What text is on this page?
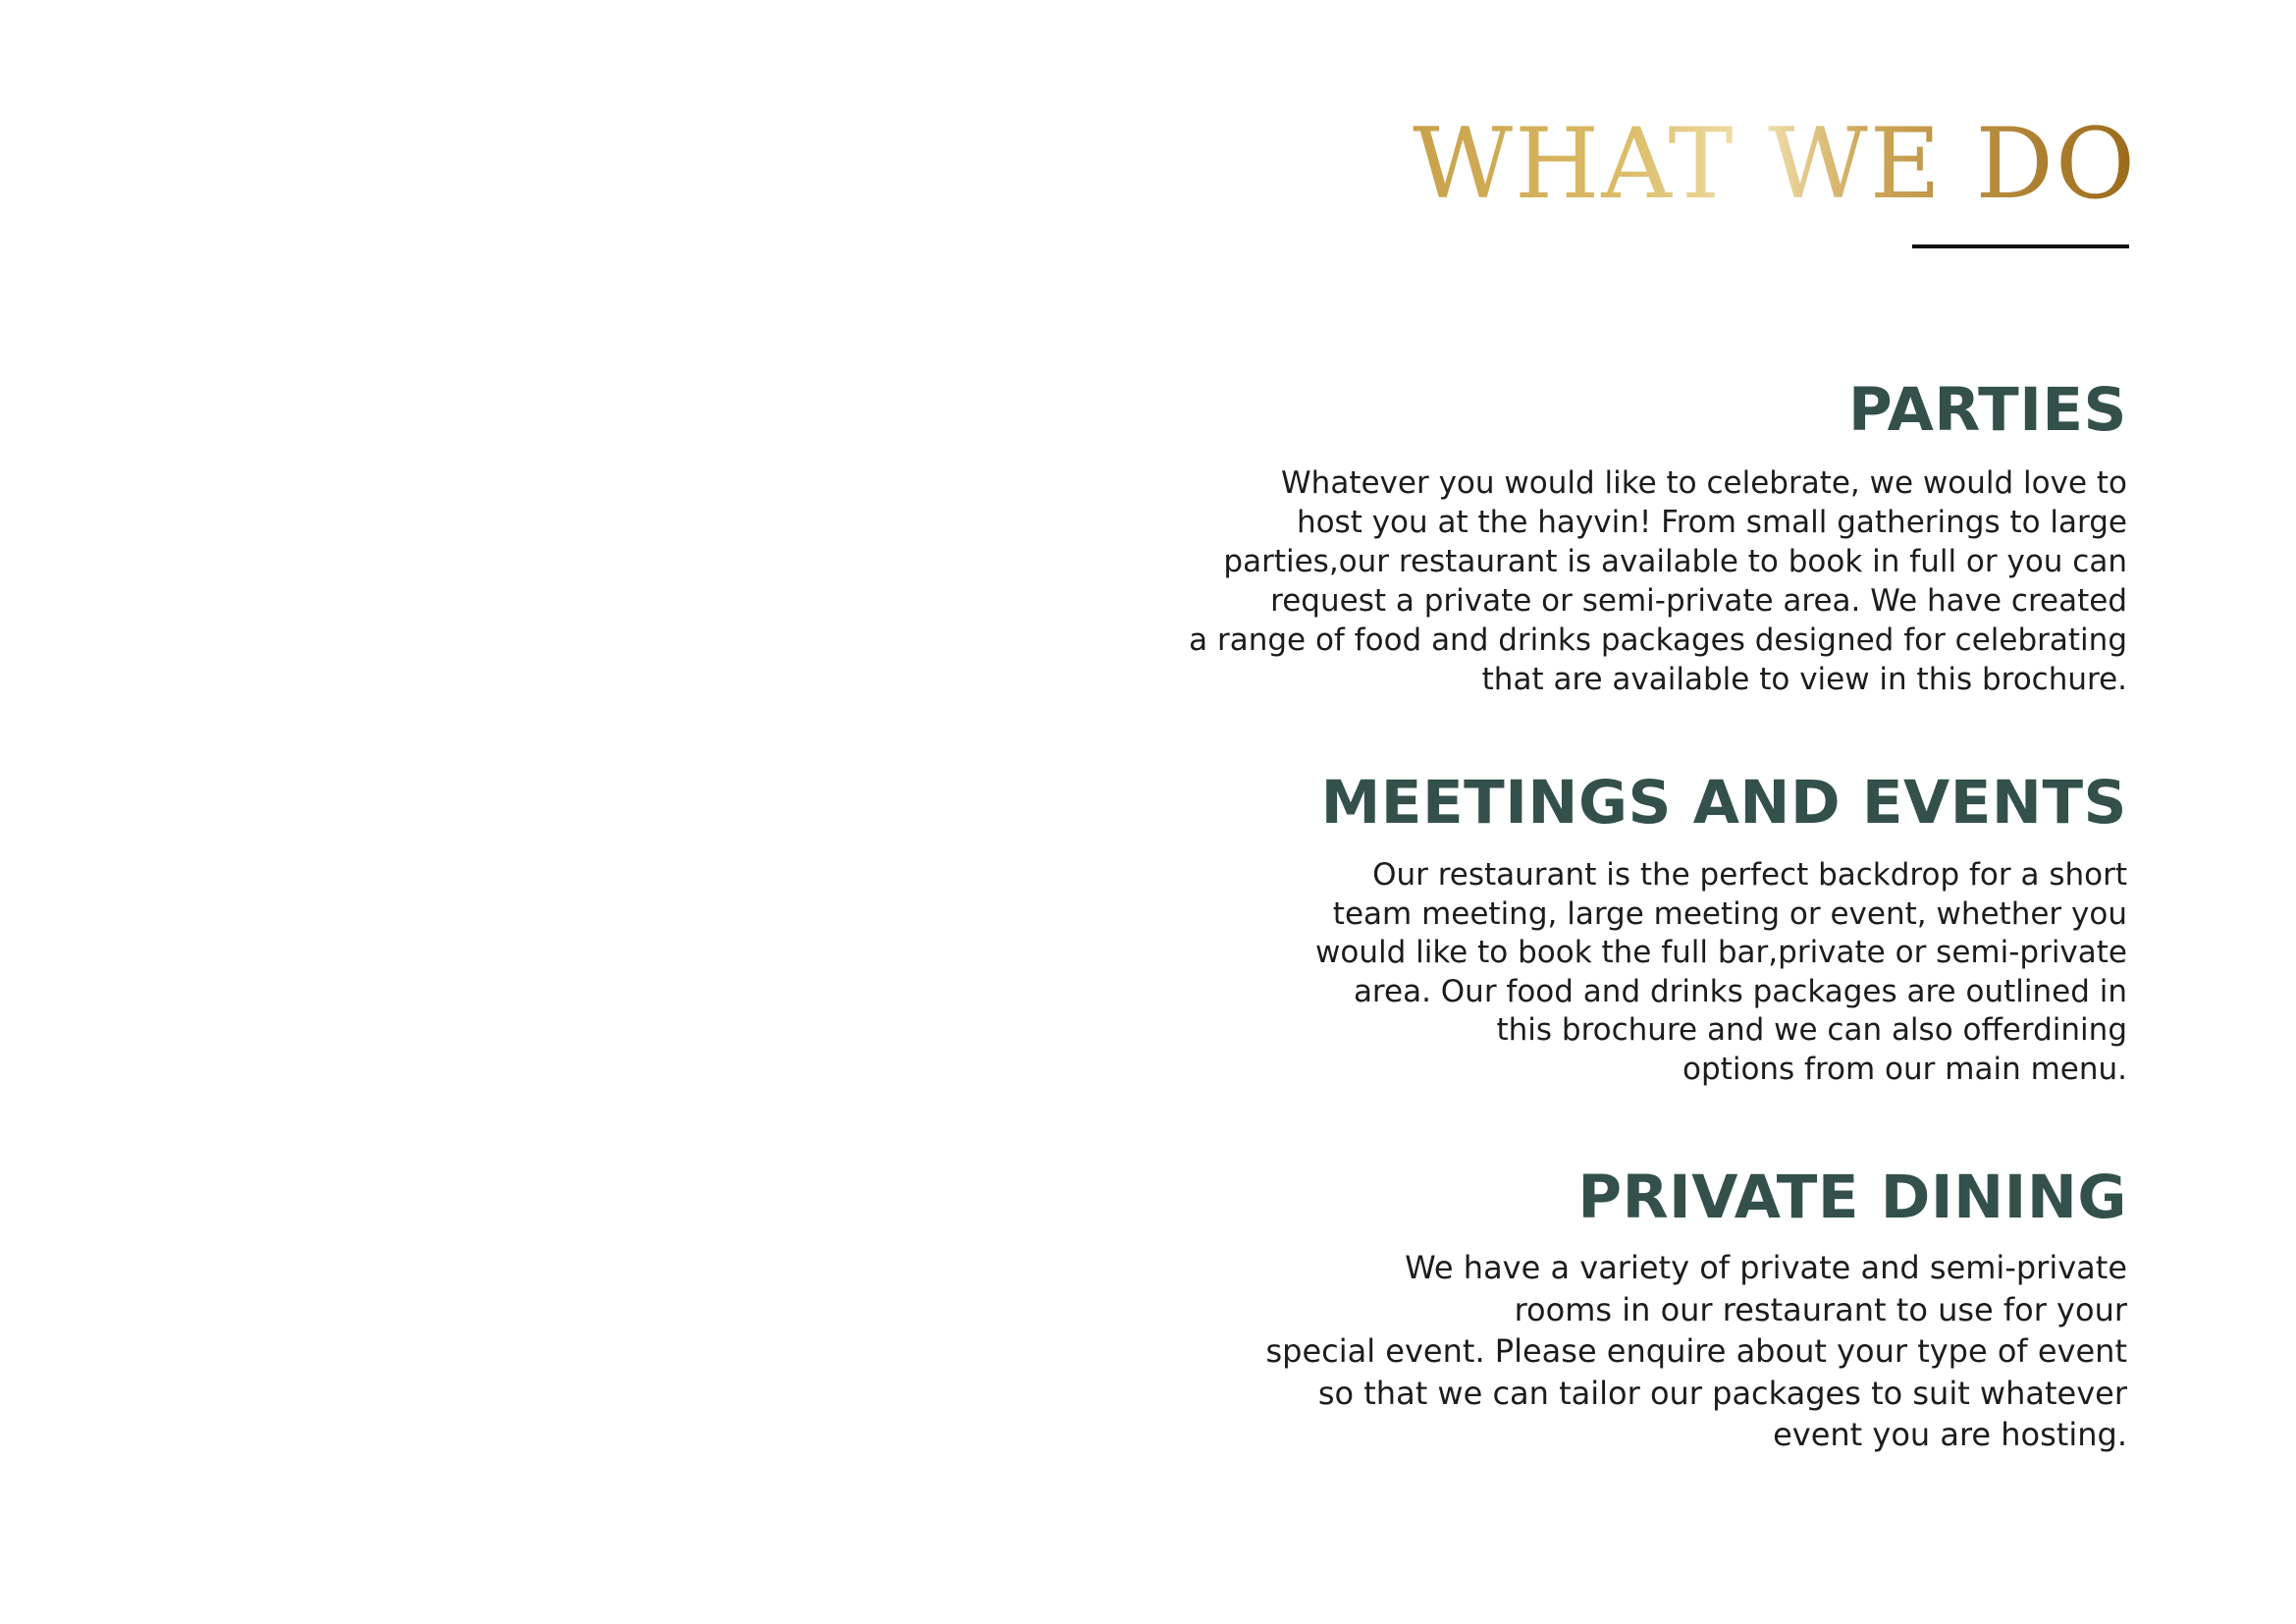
WHAT WE DO
PARTIES

Whatever you would like to celebrate, we would love to
host you at the hayvin! From small gatherings to large
parties,our restaurant is available to book in full or you can
request a private or semi-private area. We have created
a range of food and drinks packages designed for celebrating
that are available to view in this brochure.

MEETINGS AND EVENTS

Our restaurant is the perfect backdrop for a short
team meeting, large meeting or event, whether you
would like to book the full bar,private or semi-private
area. Our food and drinks packages are outlined in
this brochure and we can also offerdining
options from our main menu.

PRIVATE DINING

We have a variety of private and semi-private
rooms in our restaurant to use for your
special event. Please enquire about your type of event
so that we can tailor our packages to suit whatever
event you are hosting.
